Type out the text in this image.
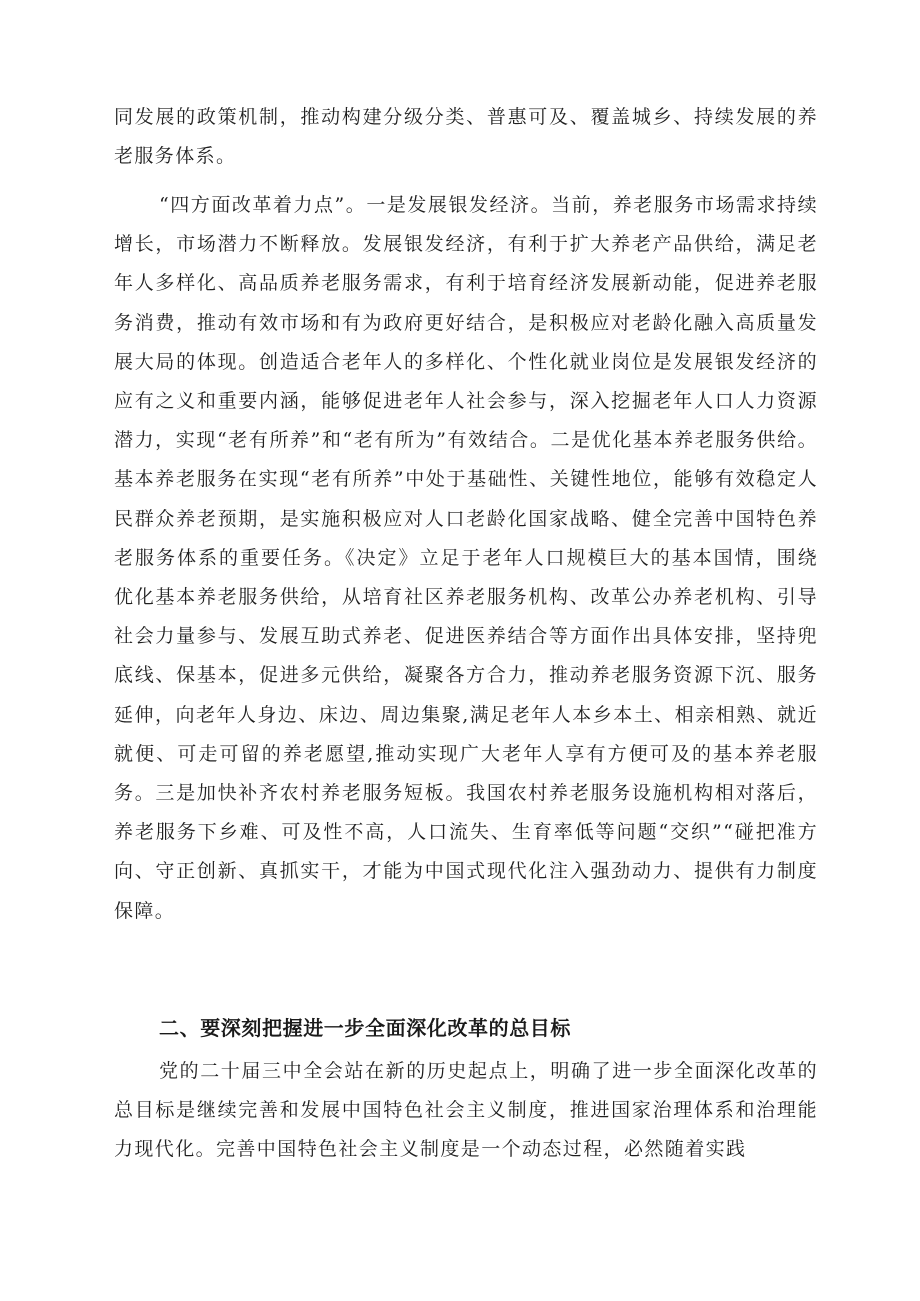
同发展的政策机制，推动构建分级分类、普惠可及、覆盖城乡、持续发展的养老服务体系。

“四方面改革着力点”。一是发展银发经济。当前，养老服务市场需求持续增长，市场潜力不断释放。发展银发经济，有利于扩大养老产品供给，满足老年人多样化、高品质养老服务需求，有利于培育经济发展新动能，促进养老服务消费，推动有效市场和有为政府更好结合，是积极应对老龄化融入高质量发展大局的体现。创造适合老年人的多样化、个性化就业岗位是发展银发经济的应有之义和重要内涵，能够促进老年人社会参与，深入挖掘老年人口人力资源潜力，实现“老有所养”和“老有所为”有效结合。二是优化基本养老服务供给。基本养老服务在实现“老有所养”中处于基础性、关键性地位，能够有效稳定人民群众养老预期，是实施积极应对人口老龄化国家战略、健全完善中国特色养老服务体系的重要任务。《决定》立足于老年人口规模巨大的基本国情，围绕优化基本养老服务供给，从培育社区养老服务机构、改革公办养老机构、引导社会力量参与、发展互助式养老、促进医养结合等方面作出具体安排，坚持兜底线、保基本，促进多元供给，凝聚各方合力，推动养老服务资源下沉、服务延伸，向老年人身边、床边、周边集聚,满足老年人本乡本土、相亲相熟、就近就便、可走可留的养老愿望,推动实现广大老年人享有方便可及的基本养老服务。三是加快补齐农村养老服务短板。我国农村养老服务设施机构相对落后，养老服务下乡难、可及性不高，人口流失、生育率低等问题“交织”“碰把准方向、守正创新、真抓实干，才能为中国式现代化注入强劲动力、提供有力制度保障。

二、要深刻把握进一步全面深化改革的总目标

党的二十届三中全会站在新的历史起点上，明确了进一步全面深化改革的总目标是继续完善和发展中国特色社会主义制度，推进国家治理体系和治理能力现代化。完善中国特色社会主义制度是一个动态过程，必然随着实践
